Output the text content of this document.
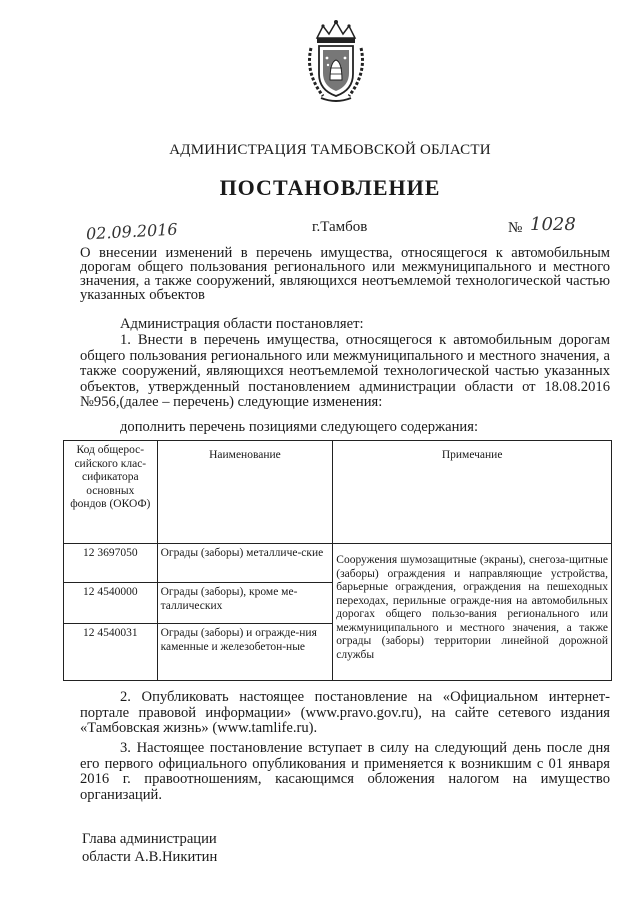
АДМИНИСТРАЦИЯ ТАМБОВСКОЙ ОБЛАСТИ
ПОСТАНОВЛЕНИЕ
02.09.2016	г.Тамбов	№ 1028
О внесении изменений в перечень имущества, относящегося к автомобильным дорогам общего пользования регионального или межмуниципального и местного значения, а также сооружений, являющихся неотъемлемой технологической частью указанных объектов
Администрация области постановляет:
1. Внести в перечень имущества, относящегося к автомобильным дорогам общего пользования регионального или межмуниципального и местного значения, а также сооружений, являющихся неотъемлемой технологической частью указанных объектов, утвержденный постановлением администрации области от 18.08.2016 №956,(далее – перечень) следующие изменения:
дополнить перечень позициями следующего содержания:
Код общерос-сийского клас-сификатора основных фондов (ОКОФ)	Наименование	Примечание
12 3697050	Ограды (заборы) металличе-ские	Сооружения шумозащитные (экраны), снегоза-щитные (заборы) ограждения и направляющие устройства, барьерные ограждения, ограждения на пешеходных переходах, перильные огражде-ния на автомобильных дорогах общего пользо-вания регионального или межмуниципального и местного значения, а также ограды (заборы) территории линейной дорожной службы
12 4540000	Ограды (заборы), кроме ме-таллических	
12 4540031	Ограды (заборы) и огражде-ния каменные и железобетон-ные	
2. Опубликовать настоящее постановление на «Официальном интернет-портале правовой информации» (www.pravo.gov.ru), на сайте сетевого издания «Тамбовская жизнь» (www.tamlife.ru).
3. Настоящее постановление вступает в силу на следующий день после дня его первого официального опубликования и применяется к возникшим с 01 января 2016 г. правоотношениям, касающимся обложения налогом на имущество организаций.
Глава администрации
области А.В.Никитин
